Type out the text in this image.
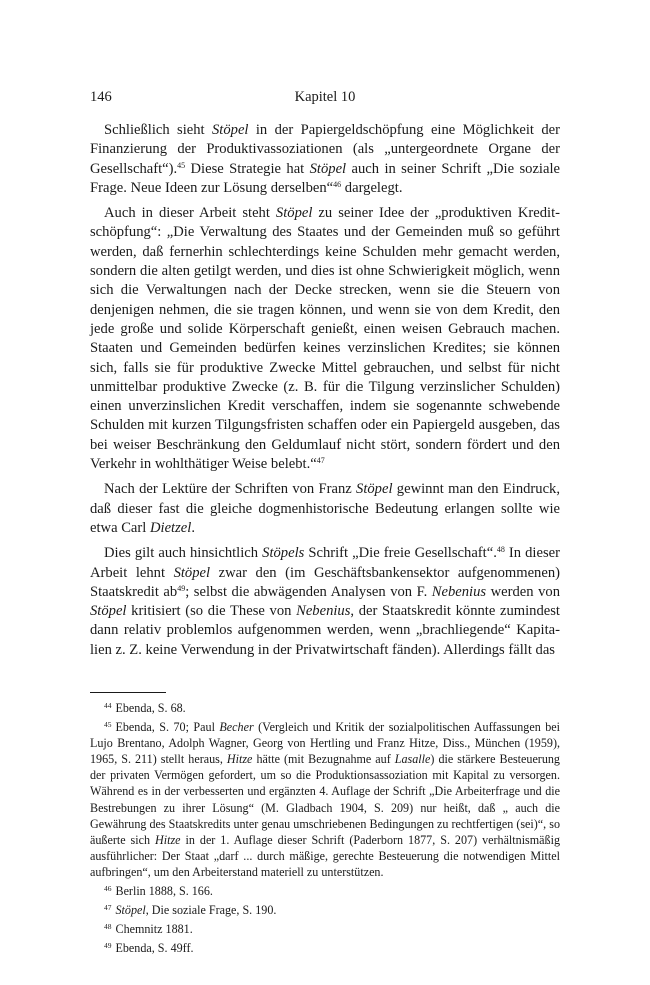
146	Kapitel 10

Schließlich sieht Stöpel in der Papiergeldschöpfung eine Möglichkeit der Finanzierung der Produktivassoziationen (als „untergeordnete Organe der Gesellschaft“).$^{45}$ Diese Strategie hat Stöpel auch in seiner Schrift „Die soziale Frage. Neue Ideen zur Lösung derselben“$^{46}$ dargelegt.

Auch in dieser Arbeit steht Stöpel zu seiner Idee der „produktiven Kreditschöpfung“: „Die Verwaltung des Staates und der Gemeinden muß so geführt werden, daß fernerhin schlechterdings keine Schulden mehr gemacht werden, sondern die alten getilgt werden, und dies ist ohne Schwierigkeit möglich, wenn sich die Verwaltungen nach der Decke strecken, wenn sie die Steuern von denjenigen nehmen, die sie tragen können, und wenn sie von dem Kredit, den jede große und solide Körperschaft genießt, einen weisen Gebrauch machen. Staaten und Gemeinden bedürfen keines verzinslichen Kredites; sie können sich, falls sie für produktive Zwecke Mittel gebrauchen, und selbst für nicht unmittelbar produktive Zwecke (z. B. für die Tilgung verzinslicher Schulden) einen unverzinslichen Kredit verschaffen, indem sie sogenannte schwebende Schulden mit kurzen Tilgungsfristen schaffen oder ein Papiergeld ausgeben, das bei weiser Beschränkung den Geldumlauf nicht stört, sondern fördert und den Verkehr in wohlthätiger Weise belebt.“$^{47}$

Nach der Lektüre der Schriften von Franz Stöpel gewinnt man den Eindruck, daß dieser fast die gleiche dogmenhistorische Bedeutung erlangen sollte wie etwa Carl Dietzel.

Dies gilt auch hinsichtlich Stöpels Schrift „Die freie Gesellschaft“.$^{48}$ In dieser Arbeit lehnt Stöpel zwar den (im Geschäftsbankensektor aufgenommenen) Staatskredit $ab^{49}$; selbst die abwägenden Analysen von F. Nebenius werden von Stöpel kritisiert (so die These von Nebenius, der Staatskredit könnte zumindest dann relativ problemlos aufgenommen werden, wenn „brachliegende“ Kapitalien z. Z. keine Verwendung in der Privatwirtschaft fänden). Allerdings fällt das

$^{44}$ Ebenda, S. 68.

$^{45}$ Ebenda, S. 70; Paul Becher (Vergleich und Kritik der sozialpolitischen Auffassungen bei Lujo Brentano, Adolph Wagner, Georg von Hertling und Franz Hitze, Diss., München (1959), 1965, S. 211) stellt heraus, Hitze hätte (mit Bezugnahme auf Lasalle) die stärkere Besteuerung der privaten Vermögen gefordert, um so die Produktionsassoziation mit Kapital zu versorgen. Während es in der verbesserten und ergänzten 4. Auflage der Schrift „Die Arbeiterfrage und die Bestrebungen zu ihrer Lösung“ (M. Gladbach 1904, S. 209) nur heißt, daß „ auch die Gewährung des Staatskredits unter genau umschriebenen Bedingungen zu rechtfertigen (sei)“, so äußerte sich Hitze in der 1. Auflage dieser Schrift (Paderborn 1877, S. 207) verhältnismäßig ausführlicher: Der Staat „darf ... durch mäßige, gerechte Besteuerung die notwendigen Mittel aufbringen“, um den Arbeiterstand materiell zu unterstützen.

$^{46}$ Berlin 1888, S. 166.

$^{47}$ Stöpel, Die soziale Frage, S. 190.

$^{48}$ Chemnitz 1881.

$^{49}$ Ebenda, S. 49ff.
